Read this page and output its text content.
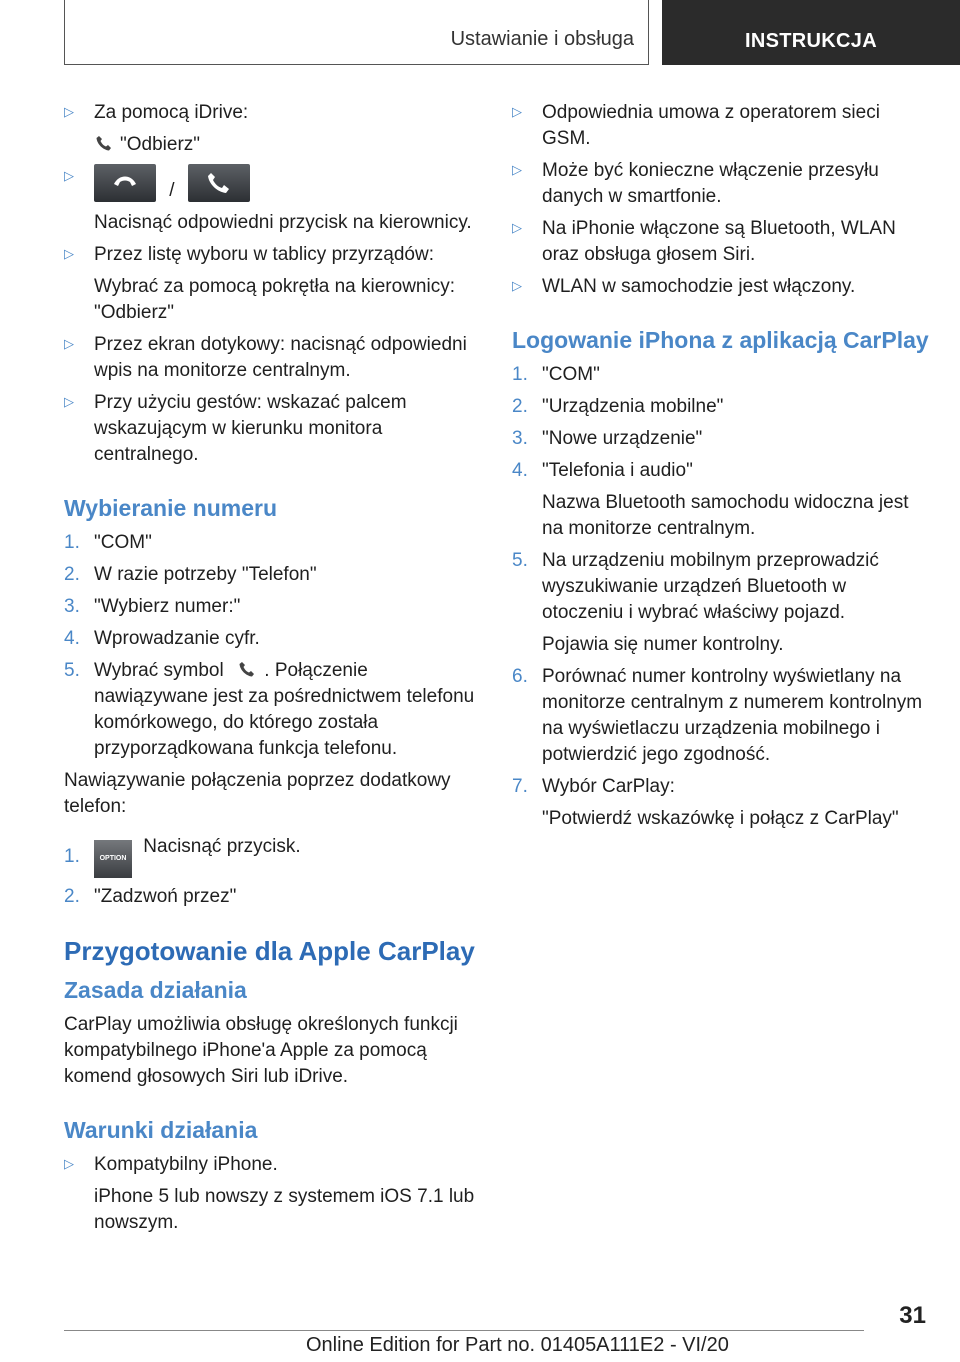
Ustawianie i obsługa	INSTRUKCJA
▷ Za pomocą iDrive:
"Odbierz"
▷
/
Nacisnąć odpowiedni przycisk na kierownicy.
▷ Przez listę wyboru w tablicy przyrządów:
Wybrać za pomocą pokrętła na kierownicy: "Odbierz"
▷ Przez ekran dotykowy: nacisnąć odpowiedni wpis na monitorze centralnym.
▷ Przy użyciu gestów: wskazać palcem wskazującym w kierunku monitora centralnego.
Wybieranie numeru
1. "COM"
2. W razie potrzeby "Telefon"
3. "Wybierz numer:"
4. Wprowadzanie cyfr.
5. Wybrać symbol . Połączenie nawiązywane jest za pośrednictwem telefonu komórkowego, do którego została przyporządkowana funkcja telefonu.
Nawiązywanie połączenia poprzez dodatkowy telefon:
1.	OPTION Nacisnąć przycisk.
2. "Zadzwoń przez"
Przygotowanie dla Apple CarPlay
Zasada działania
CarPlay umożliwia obsługę określonych funkcji kompatybilnego iPhone'a Apple za pomocą komend głosowych Siri lub iDrive.
Warunki działania
▷ Kompatybilny iPhone.
iPhone 5 lub nowszy z systemem iOS 7.1 lub nowszym.
▷ Odpowiednia umowa z operatorem sieci GSM.
▷ Może być konieczne włączenie przesyłu danych w smartfonie.
▷ Na iPhonie włączone są Bluetooth, WLAN oraz obsługa głosem Siri.
▷ WLAN w samochodzie jest włączony.
Logowanie iPhona z aplikacją CarPlay
1. "COM"
2. "Urządzenia mobilne"
3. "Nowe urządzenie"
4. "Telefonia i audio"
Nazwa Bluetooth samochodu widoczna jest na monitorze centralnym.
5. Na urządzeniu mobilnym przeprowadzić wyszukiwanie urządzeń Bluetooth w otoczeniu i wybrać właściwy pojazd.
Pojawia się numer kontrolny.
6. Porównać numer kontrolny wyświetlany na monitorze centralnym z numerem kontrolnym na wyświetlaczu urządzenia mobilnego i potwierdzić jego zgodność.
7. Wybór CarPlay:
"Potwierdź wskazówkę i połącz z CarPlay"
31
Online Edition for Part no. 01405A111E2 - VI/20
